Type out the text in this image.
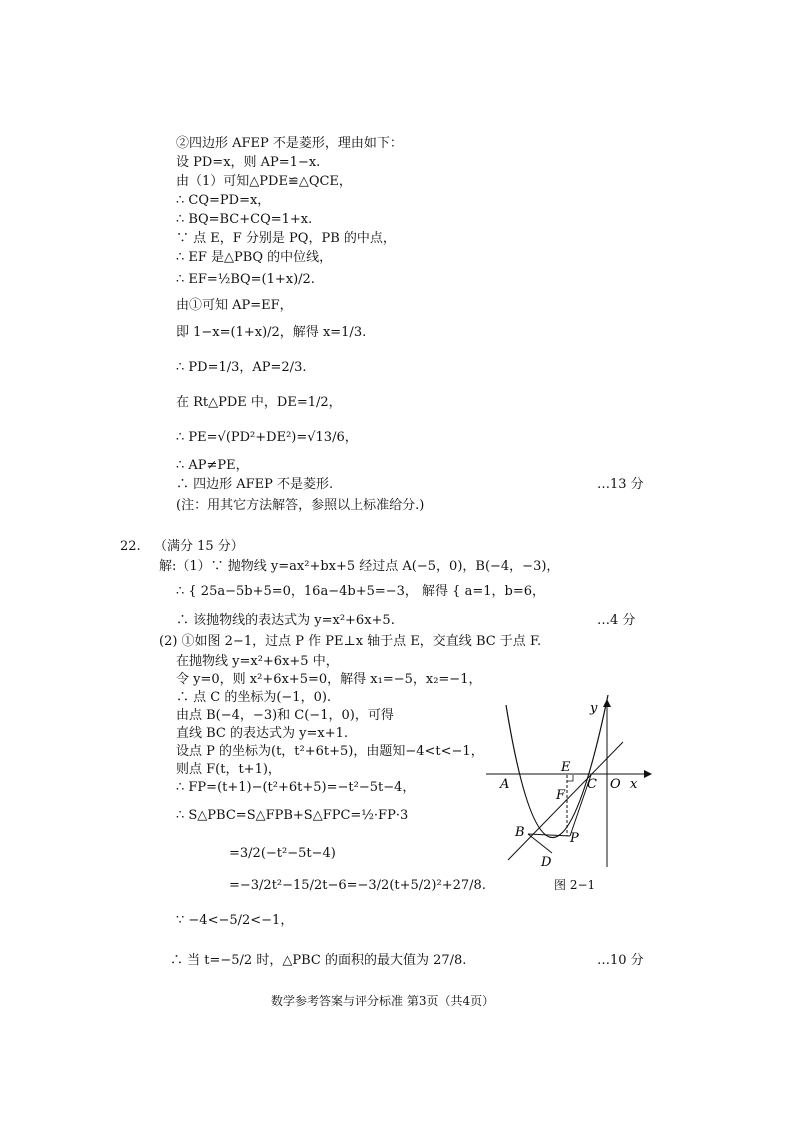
②四边形 AFEP 不是菱形，理由如下：
设 PD=x，则 AP=1−x.
由（1）可知△PDE≌△QCE，
∴ CQ=PD=x，
∴ BQ=BC+CQ=1+x.
∵ 点 E，F 分别是 PQ，PB 的中点，
∴ EF 是△PBQ 的中位线，
∴ EF=½BQ=(1+x)/2.
由①可知 AP=EF，
即 1−x=(1+x)/2，解得 x=1/3.
∴ PD=1/3，AP=2/3.
在 Rt△PDE 中，DE=1/2，
∴ PE=√(PD²+DE²)=√13/6，
∴ AP≠PE，
∴ 四边形 AFEP 不是菱形.	…13 分
(注：用其它方法解答，参照以上标准给分.)
22. （满分 15 分）
解:（1）∵ 抛物线 y=ax²+bx+5 经过点 A(−5，0)，B(−4，−3)，
∴ { 25a−5b+5=0，16a−4b+5=−3， 解得 { a=1，b=6，
∴ 该抛物线的表达式为 y=x²+6x+5.	…4 分
(2) ①如图 2−1，过点 P 作 PE⊥x 轴于点 E，交直线 BC 于点 F.
在抛物线 y=x²+6x+5 中，
令 y=0，则 x²+6x+5=0，解得 x₁=−5，x₂=−1，
∴ 点 C 的坐标为(−1，0).
由点 B(−4，−3)和 C(−1，0)，可得
直线 BC 的表达式为 y=x+1.
设点 P 的坐标为(t，t²+6t+5)，由题知−4<t<−1，
则点 F(t，t+1)，
∴ FP=(t+1)−(t²+6t+5)=−t²−5t−4，
∴ S△PBC=S△FPB+S△FPC=½·FP·3
=3/2(−t²−5t−4)
=−3/2t²−15/2t−6=−3/2(t+5/2)²+27/8.
∵ −4<−5/2<−1，
∴ 当 t=−5/2 时，△PBC 的面积的最大值为 27/8.	…10 分
y
A
E
C O x
F
B	P
D
图 2−1
数学参考答案与评分标准 第3页（共4页）
